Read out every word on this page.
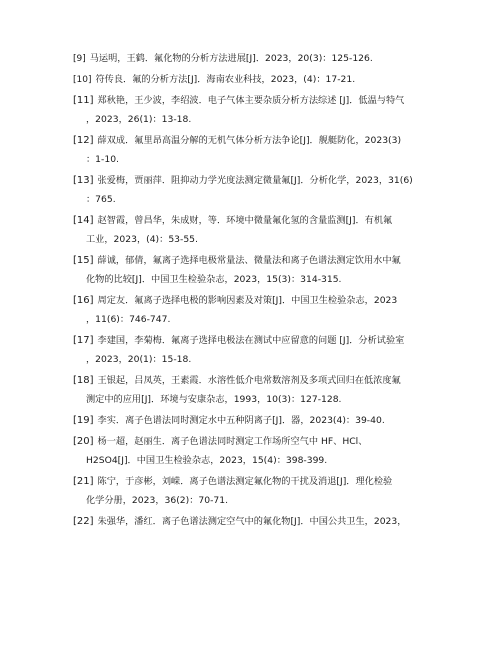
[9] 马运明，王鹤．氟化物的分析方法进展[J]．2023，20(3)：125-126.
[10] 符传良．氟的分析方法[J]．海南农业科技，2023，(4)：17-21.
[11] 郑秋艳，王少波，李绍波．电子气体主要杂质分析方法综述 [J]．低温与特气
，2023，26(1)：13-18.
[12] 薛双成．氟里昂高温分解的无机气体分析方法争论[J]．舰艇防化，2023(3)
：1-10.
[13] 张爱梅，贾丽萍．阻抑动力学光度法测定微量氟[J]．分析化学，2023，31(6)
：765.
[14] 赵智霞，曾昌华，朱成财，等．环境中微量氟化氢的含量监测[J]．有机氟
工业，2023，(4)：53-55.
[15] 薛诚，郁倩，氟离子选择电极常量法、微量法和离子色谱法测定饮用水中氟
化物的比较[J]．中国卫生检验杂志，2023，15(3)：314-315.
[16] 周定友．氟离子选择电极的影响因素及对策[J]．中国卫生检验杂志，2023
，11(6)：746-747.
[17] 李建国，李菊梅．氟离子选择电极法在测试中应留意的问题 [J]．分析试验室
，2023，20(1)：15-18.
[18] 王银起，吕凤英，王素霞．水溶性低介电常数溶剂及多项式回归在低浓度氟
测定中的应用[J]．环境与安康杂志，1993，10(3)：127-128.
[19] 李实．离子色谱法同时测定水中五种阴离子[J]．器，2023(4)：39-40.
[20] 杨一超，赵丽生．离子色谱法同时测定工作场所空气中 HF、HCl、
H2SO4[J]．中国卫生检验杂志，2023，15(4)：398-399.
[21] 陈宁，于彦彬，刘嵘．离子色谱法测定氟化物的干扰及消退[J]．理化检验
化学分册，2023，36(2)：70-71.
[22] 朱强华，潘红．离子色谱法测定空气中的氟化物[J]．中国公共卫生，2023，
